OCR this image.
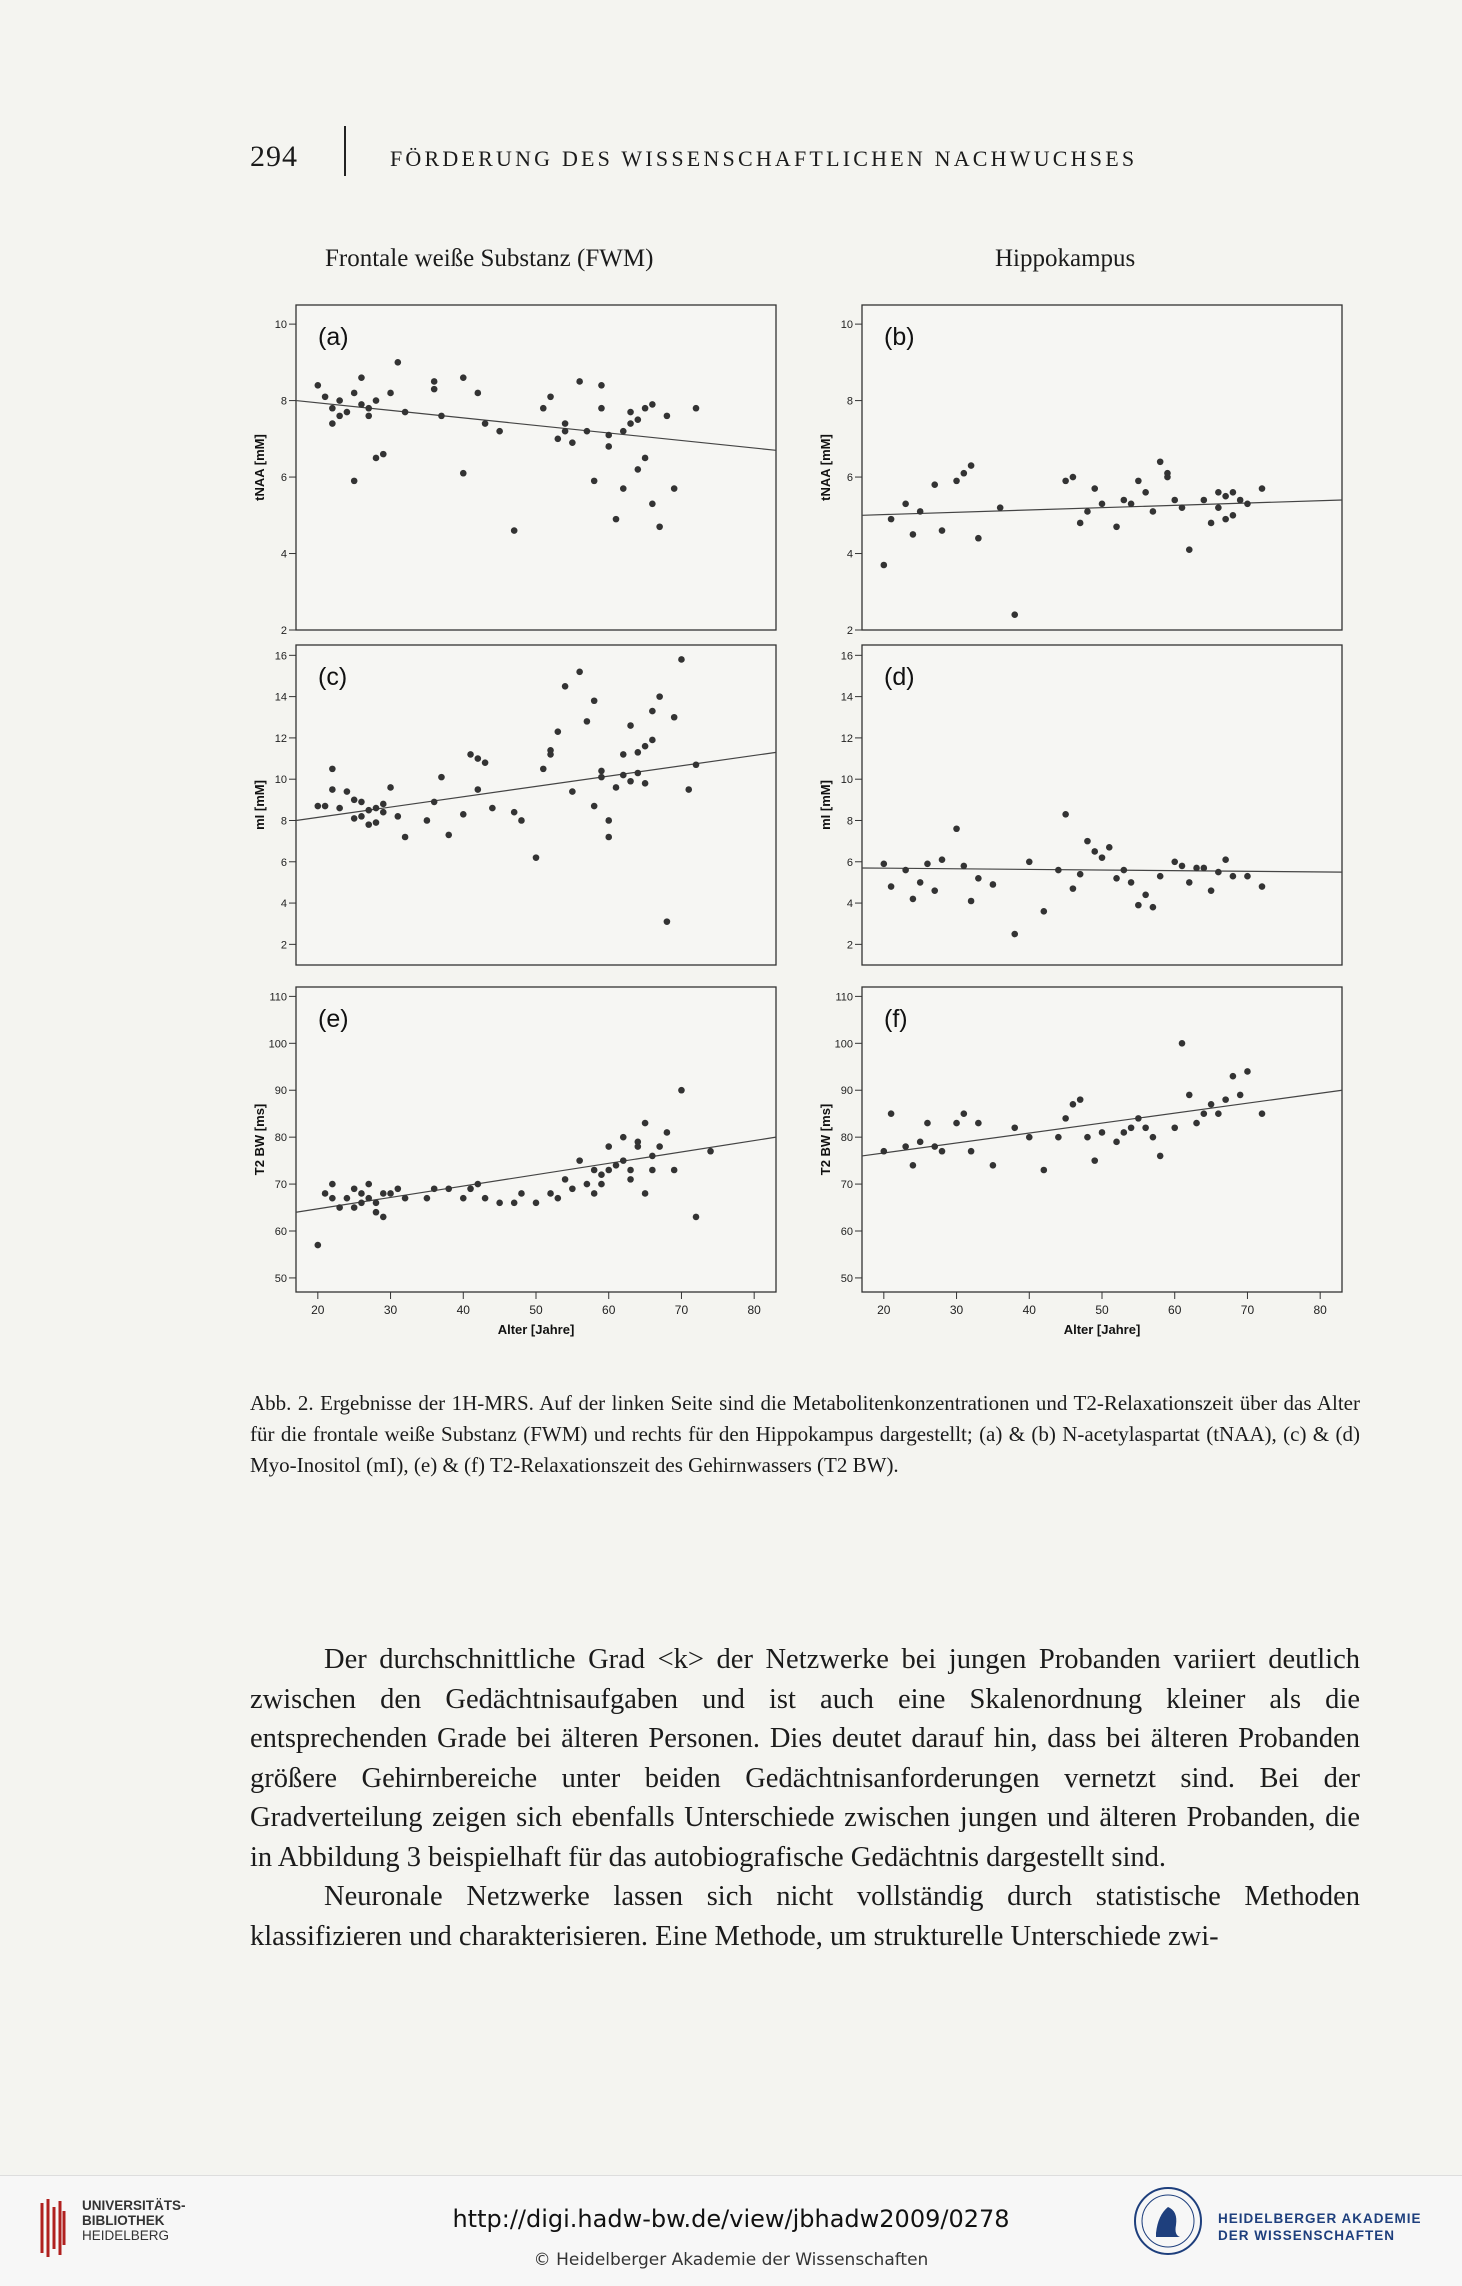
294	FÖRDERUNG DES WISSENSCHAFTLICHEN NACHWUCHSES
Frontale weiße Substanz (FWM)	Hippokampus
2
4
6
8
10
tNAA [mM]
(a)
2
4
6
8
10
tNAA [mM]
(b)
2
4
6
8
10
12
14
16
mI [mM]
(c)
2
4
6
8
10
12
14
16
mI [mM]
(d)
50
60
70
80
90
100
110
20	30	40	50	60	70	80
Alter [Jahre]
T2 BW [ms]
(e)
50
60
70
80
90
100
110
20	30	40	50	60	70	80
Alter [Jahre]
T2 BW [ms]
(f)
Abb. 2. Ergebnisse der 1H-MRS. Auf der linken Seite sind die Metabolitenkonzentrationen und T2-Relaxationszeit über das Alter für die frontale weiße Substanz (FWM) und rechts für den Hippokampus dargestellt; (a) & (b) N-acetylaspartat (tNAA), (c) & (d) Myo-Inositol (mI), (e) & (f) T2-Relaxationszeit des Gehirnwassers (T2 BW).

Der durchschnittliche Grad <k> der Netzwerke bei jungen Probanden variiert deutlich zwischen den Gedächtnisaufgaben und ist auch eine Skalenordnung kleiner als die entsprechenden Grade bei älteren Personen. Dies deutet darauf hin, dass bei älteren Probanden größere Gehirnbereiche unter beiden Gedächtnisanforderungen vernetzt sind. Bei der Gradverteilung zeigen sich ebenfalls Unterschiede zwischen jungen und älteren Probanden, die in Abbildung 3 beispielhaft für das autobiografische Gedächtnis dargestellt sind.

Neuronale Netzwerke lassen sich nicht vollständig durch statistische Methoden klassifizieren und charakterisieren. Eine Methode, um strukturelle Unterschiede zwi-

UNIVERSITÄTS-
BIBLIOTHEK
HEIDELBERG
http://digi.hadw-bw.de/view/jbhadw2009/0278
© Heidelberger Akademie der Wissenschaften
HEIDELBERGER AKADEMIE
DER WISSENSCHAFTEN
